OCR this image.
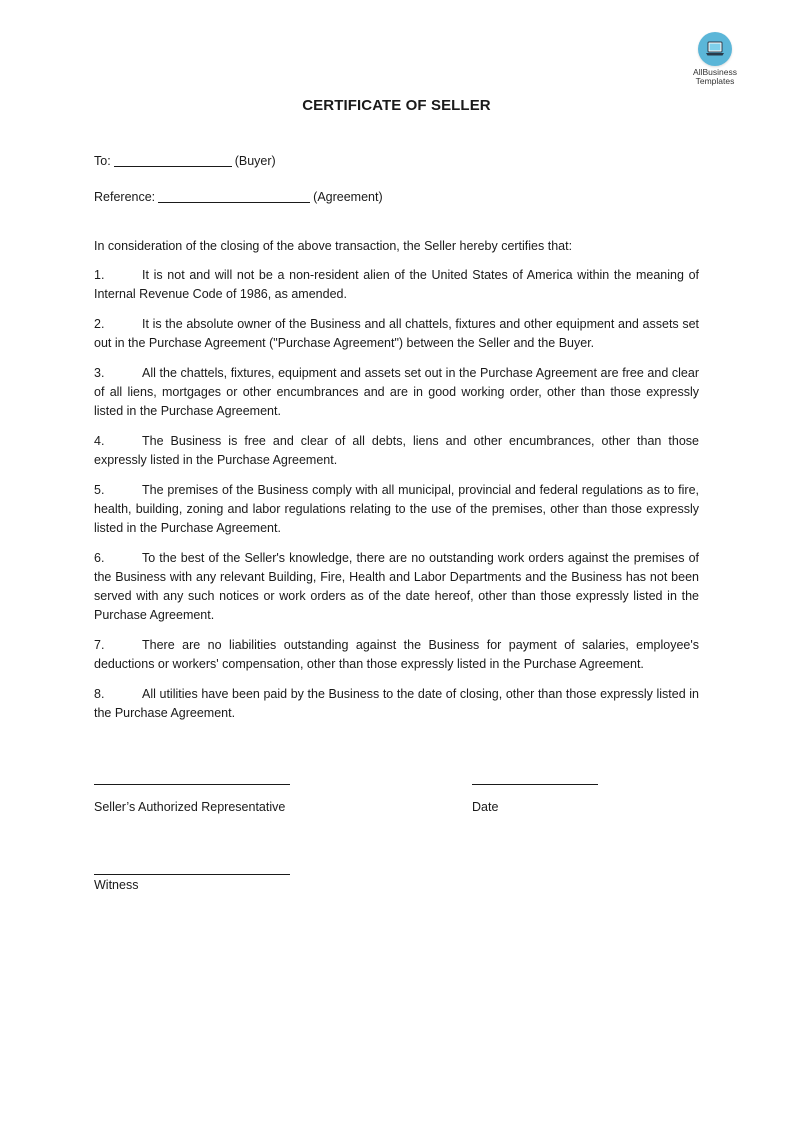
AllBusiness
Templates
CERTIFICATE OF SELLER
To:	(Buyer)
Reference:	(Agreement)
In consideration of the closing of the above transaction, the Seller hereby certifies that:
1.	It is not and will not be a non-resident alien of the United States of America within the meaning of Internal Revenue Code of 1986, as amended.
2.	It is the absolute owner of the Business and all chattels, fixtures and other equipment and assets set out in the Purchase Agreement ("Purchase Agreement") between the Seller and the Buyer.
3.	All the chattels, fixtures, equipment and assets set out in the Purchase Agreement are free and clear of all liens, mortgages or other encumbrances and are in good working order, other than those expressly listed in the Purchase Agreement.
4.	The Business is free and clear of all debts, liens and other encumbrances, other than those expressly listed in the Purchase Agreement.
5.	The premises of the Business comply with all municipal, provincial and federal regulations as to fire, health, building, zoning and labor regulations relating to the use of the premises, other than those expressly listed in the Purchase Agreement.
6.	To the best of the Seller's knowledge, there are no outstanding work orders against the premises of the Business with any relevant Building, Fire, Health and Labor Departments and the Business has not been served with any such notices or work orders as of the date hereof, other than those expressly listed in the Purchase Agreement.
7.	There are no liabilities outstanding against the Business for payment of salaries, employee's deductions or workers' compensation, other than those expressly listed in the Purchase Agreement.
8.	All utilities have been paid by the Business to the date of closing, other than those expressly listed in the Purchase Agreement.
Seller’s Authorized Representative	Date
Witness
